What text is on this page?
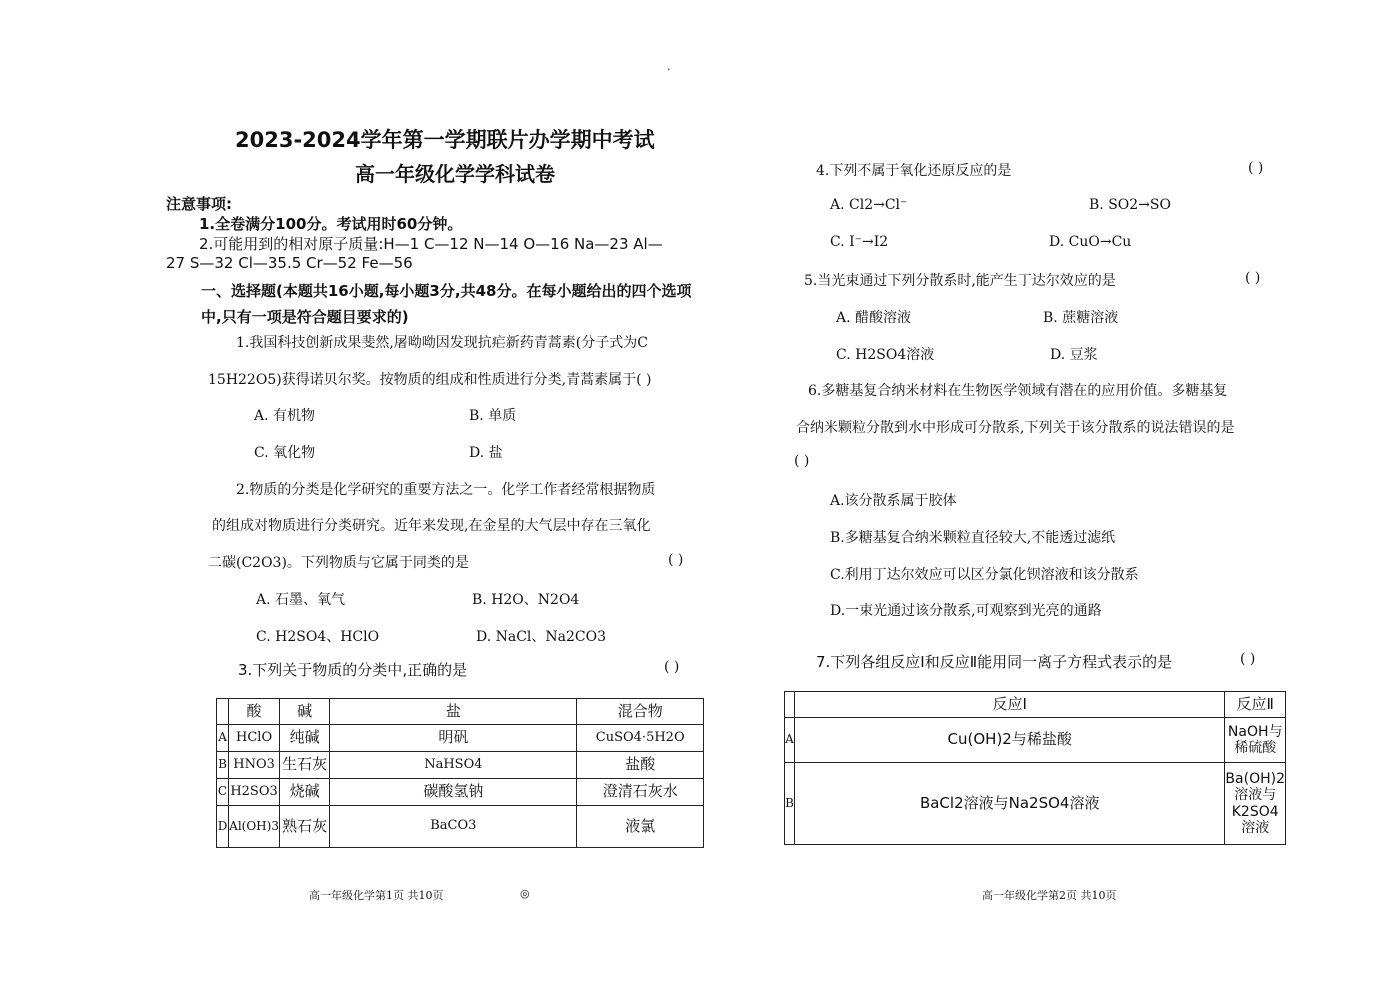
.
2023-2024学年第一学期联片办学期中考试
高一年级化学学科试卷
注意事项:
1.全卷满分100分。考试用时60分钟。
2.可能用到的相对原子质量:H—1 C—12 N—14 O—16 Na—23 Al—
27 S—32 Cl—35.5 Cr—52 Fe—56
一、选择题(本题共16小题,每小题3分,共48分。在每小题给出的四个选项
中,只有一项是符合题目要求的)
1.我国科技创新成果斐然,屠呦呦因发现抗疟新药青蒿素(分子式为C
15H22O5)获得诺贝尔奖。按物质的组成和性质进行分类,青蒿素属于( )
A. 有机物	B. 单质
C. 氧化物	D. 盐
2.物质的分类是化学研究的重要方法之一。化学工作者经常根据物质
的组成对物质进行分类研究。近年来发现,在金星的大气层中存在三氧化
二碳(C2O3)。下列物质与它属于同类的是	( )
A. 石墨、氧气	B. H2O、N2O4
C. H2SO4、HClO	D. NaCl、Na2CO3
3.下列关于物质的分类中,正确的是	( )
	酸	碱	盐	混合物
A	HClO	纯碱	明矾	CuSO4·5H2O
B	HNO3	生石灰	NaHSO4	盐酸
C	H2SO3	烧碱	碳酸氢钠	澄清石灰水
D	Al(OH)3	熟石灰	BaCO3	液氯
高一年级化学第1页 共10页	◎
4.下列不属于氧化还原反应的是	( )
A. Cl2→Cl⁻	B. SO2→SO
C. I⁻→I2	D. CuO→Cu
5.当光束通过下列分散系时,能产生丁达尔效应的是	( )
A. 醋酸溶液	B. 蔗糖溶液
C. H2SO4溶液	D. 豆浆
6.多糖基复合纳米材料在生物医学领域有潜在的应用价值。多糖基复
合纳米颗粒分散到水中形成可分散系,下列关于该分散系的说法错误的是
( )
A.该分散系属于胶体
B.多糖基复合纳米颗粒直径较大,不能透过滤纸
C.利用丁达尔效应可以区分氯化钡溶液和该分散系
D.一束光通过该分散系,可观察到光亮的通路
7.下列各组反应Ⅰ和反应Ⅱ能用同一离子方程式表示的是	( )
	反应Ⅰ	反应Ⅱ
A	Cu(OH)2与稀盐酸	NaOH与稀硫酸
B	BaCl2溶液与Na2SO4溶液	Ba(OH)2溶液与K2SO4溶液
高一年级化学第2页 共10页
